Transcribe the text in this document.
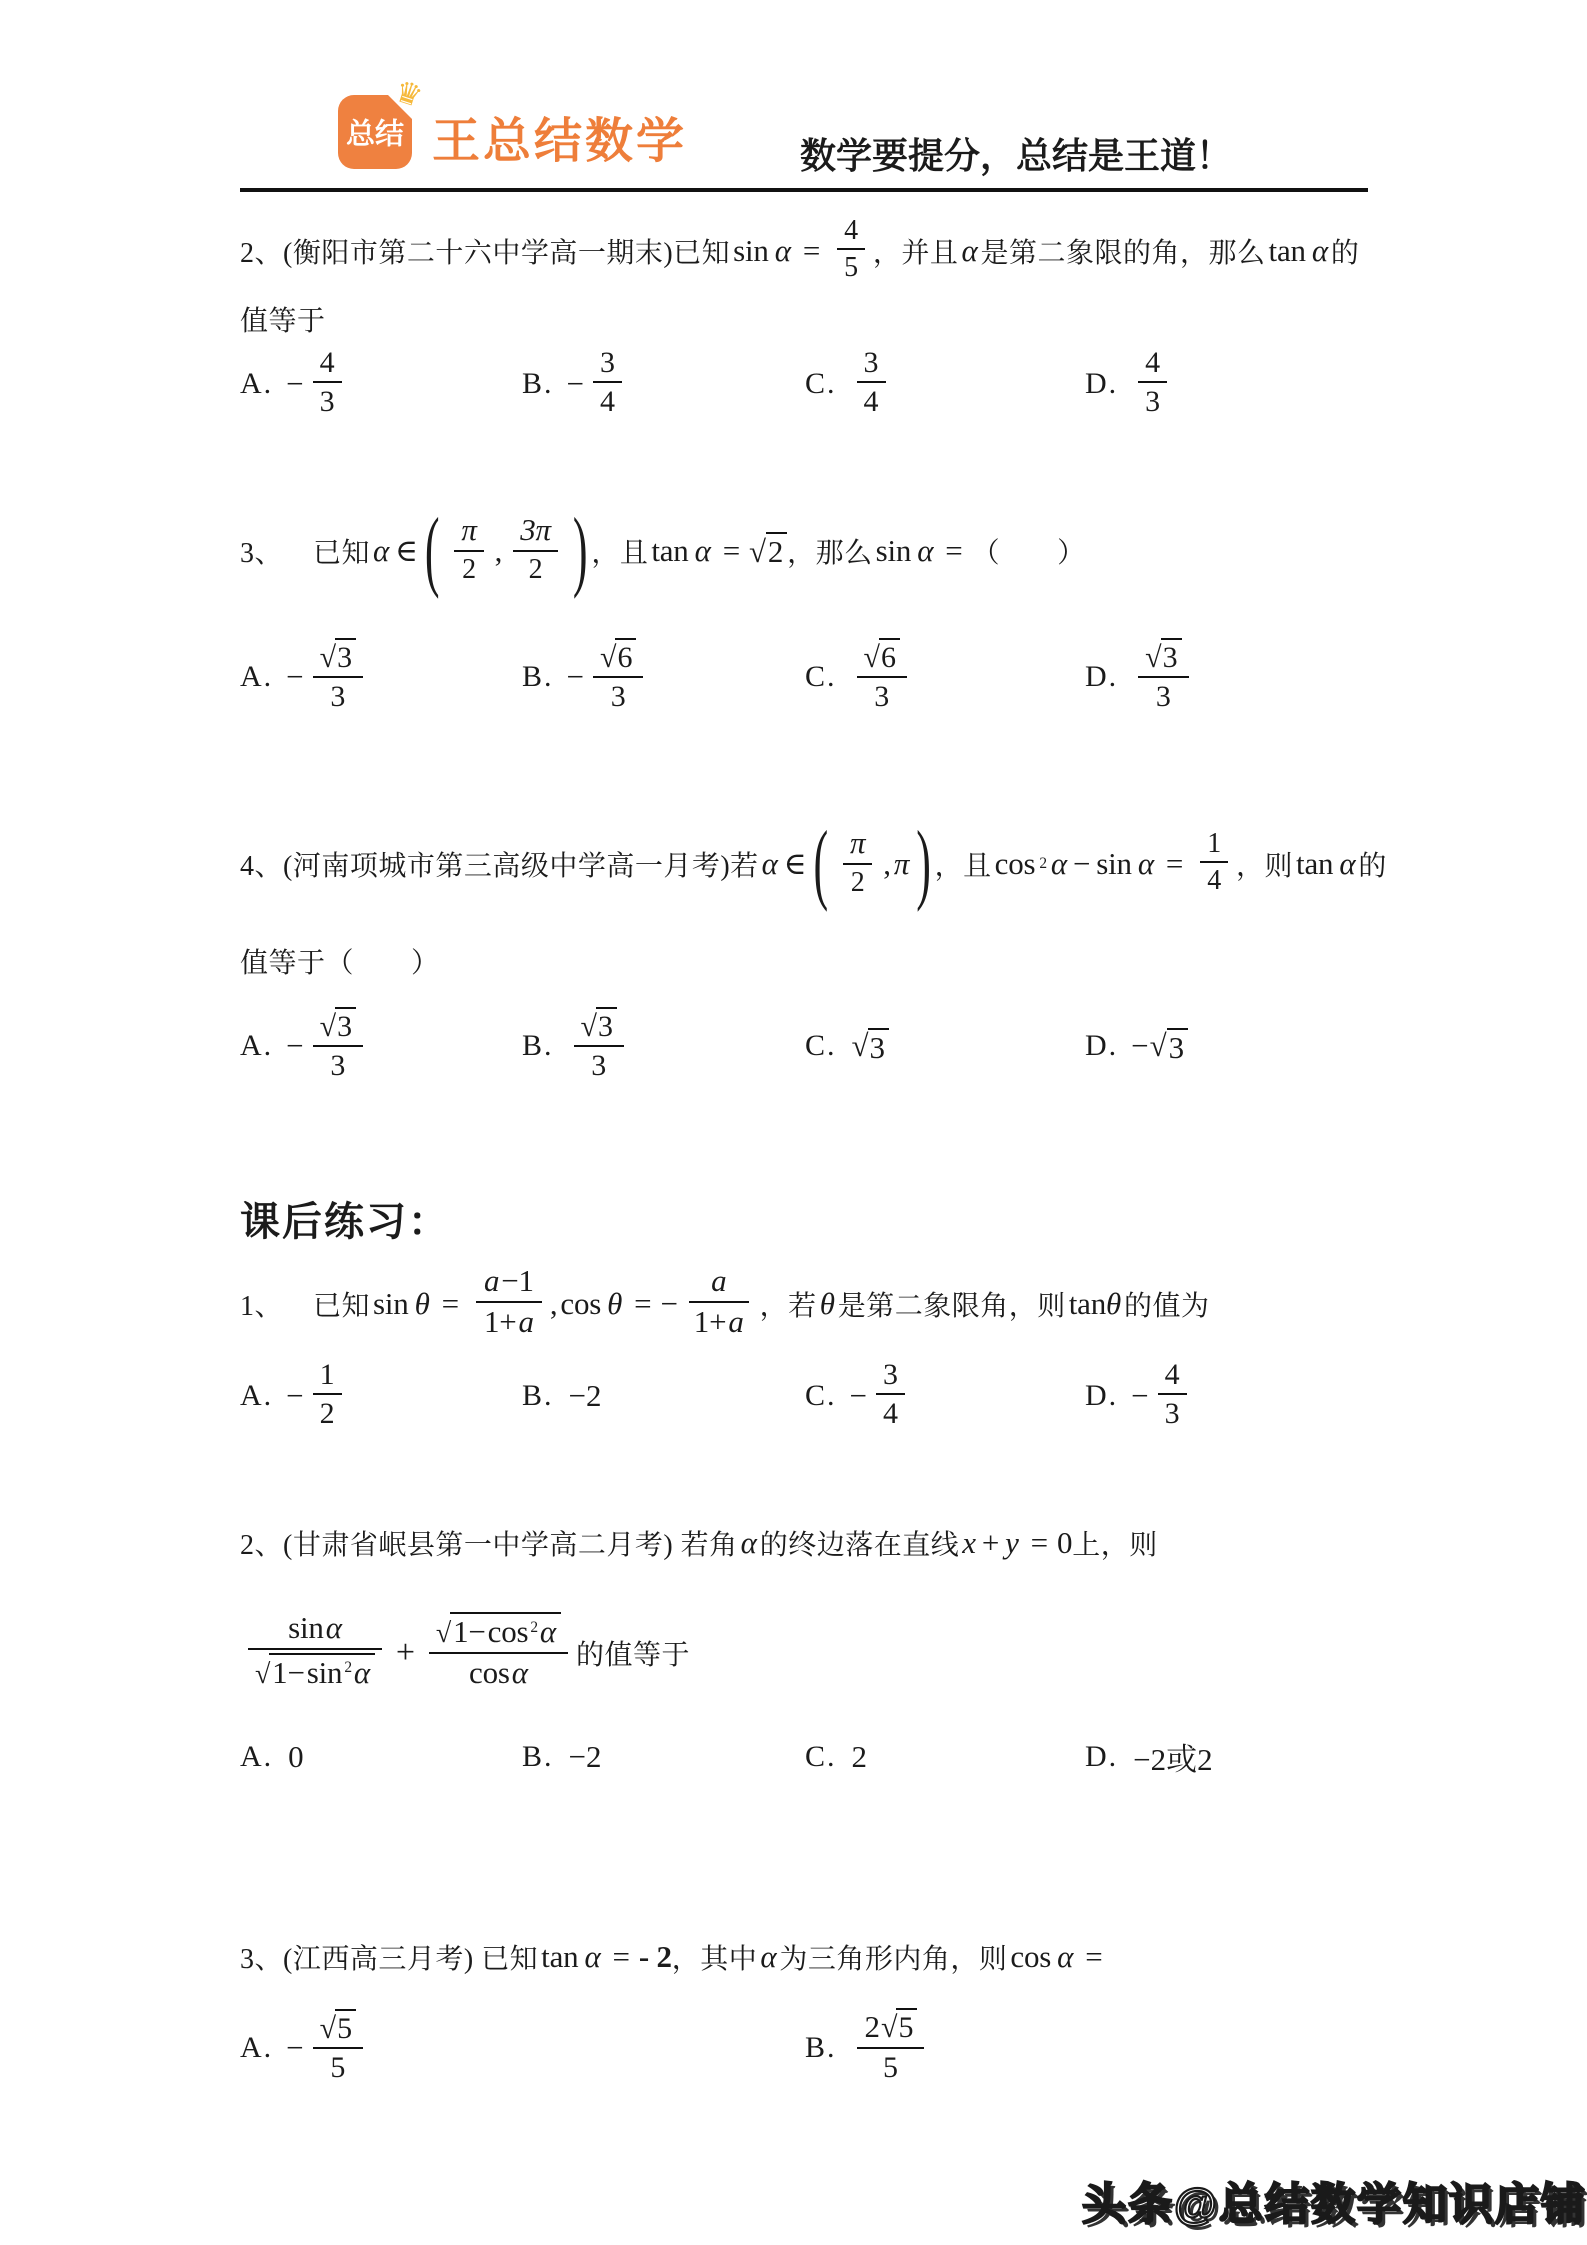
♛
总结 王总结数学	数学要提分，总结是王道！
2、(衡阳市第二十六中学高一期末)已知 $\sin \alpha = \frac{4}{5}$ ，并且 α 是第二象限的角，那么 tan α 的
值等于
A. − $\frac{4}{3}$	B. − $\frac{3}{4}$	C. $\frac{3}{4}$	D. $\frac{4}{3}$
3、 已知 α ∈ ( $\frac{\pi}{2}$ , $\frac{3\pi}{2}$ ) ，且 tan α = √2 ，那么 sin α = （　　）
A. − $\frac{√3}{3}$	B. − $\frac{√6}{3}$	C. $\frac{√6}{3}$	D. $\frac{√3}{3}$
4、(河南项城市第三高级中学高一月考)若 α ∈ ( $\frac{\pi}{2}$ , π ) ，且 cos 2 $\alpha - \sin \alpha = \frac{1}{4}$ ，则 tan α 的
值等于（　　）
A. − $\frac{√3}{3}$	B. $\frac{√3}{3}$	C. √ 3	D. − √ 3
课后练习：
1、 已知 $\sin \theta = \frac{a-1}{1+a}$ , cos θ = − $\frac{a}{1+a}$ ，若 θ 是第二象限角，则 tan θ 的值为
A. − $\frac{1}{2}$	B. −2	C. − $\frac{3}{4}$	D. − $\frac{4}{3}$
2、(甘肃省岷县第一中学高二月考) 若角 α 的终边落在直线 x + y = 0 上，则
$\frac{\sin\alpha}{√1-\sin ^2\alpha} + \frac{√1-\cos ^2\alpha}{\cos\alpha}$ 的值等于
A. 0	B. −2	C. 2	D. −2或2
3、(江西高三月考) 已知 tan α = - 2 ，其中 α 为三角形内角，则 cos α =
A. − $\frac{√5}{5}$	B. $\frac{2√5}{5}$
头条@总结数学知识店铺
